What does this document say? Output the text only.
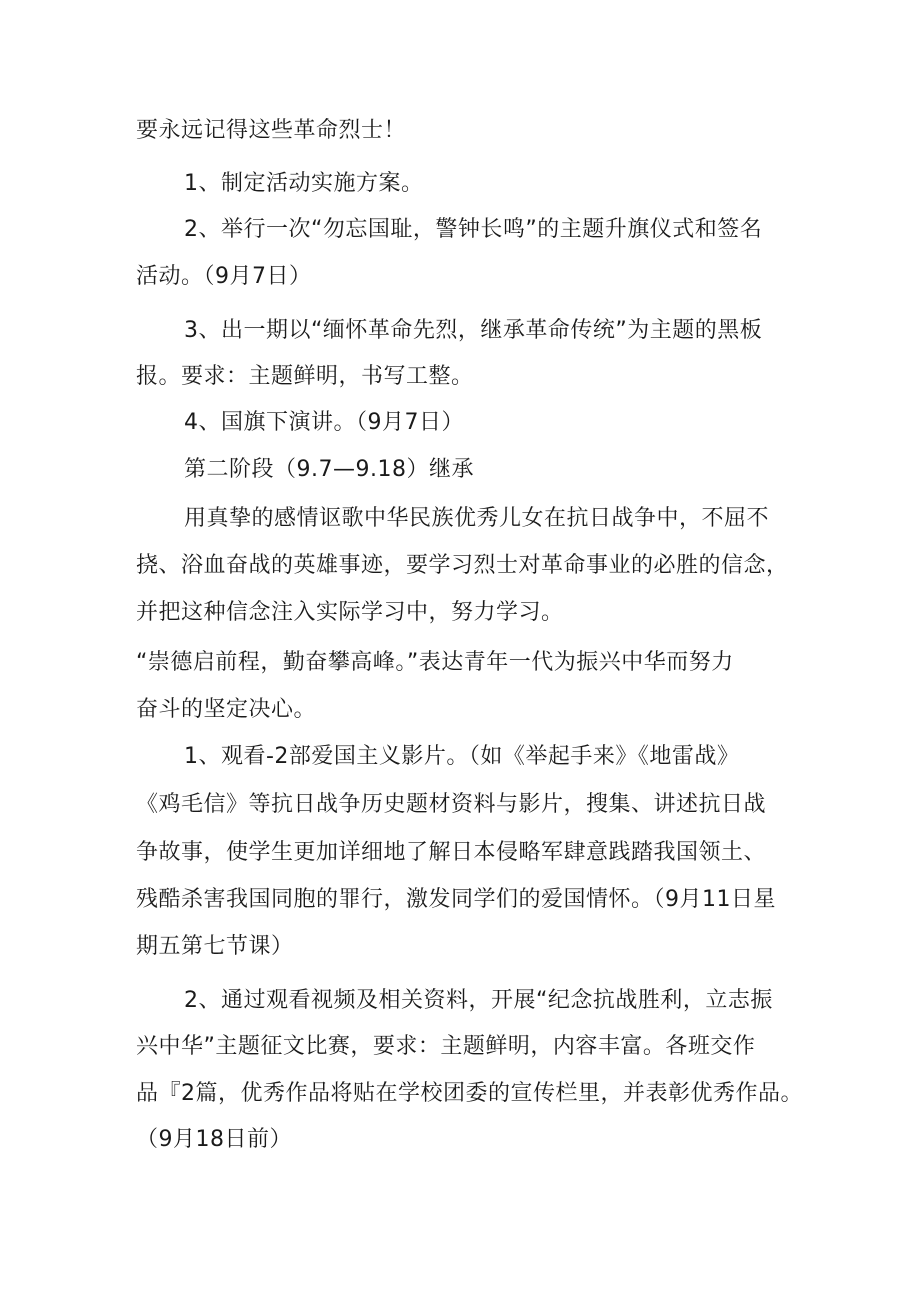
要永远记得这些革命烈士！
1、制定活动实施方案。
2、举行一次“勿忘国耻，警钟长鸣”的主题升旗仪式和签名
活动。（9月7日）
3、出一期以“缅怀革命先烈，继承革命传统”为主题的黑板
报。要求：主题鲜明，书写工整。
4、国旗下演讲。（9月7日）
第二阶段（9.7—9.18）继承
用真挚的感情讴歌中华民族优秀儿女在抗日战争中，不屈不
挠、浴血奋战的英雄事迹，要学习烈士对革命事业的必胜的信念，
并把这种信念注入实际学习中，努力学习。
“崇德启前程，勤奋攀高峰。”表达青年一代为振兴中华而努力
奋斗的坚定决心。
1、观看-2部爱国主义影片。（如《举起手来》《地雷战》
《鸡毛信》等抗日战争历史题材资料与影片，搜集、讲述抗日战
争故事，使学生更加详细地了解日本侵略军肆意践踏我国领土、
残酷杀害我国同胞的罪行，激发同学们的爱国情怀。（9月11日星
期五第七节课）
2、通过观看视频及相关资料，开展“纪念抗战胜利，立志振
兴中华”主题征文比赛，要求：主题鲜明，内容丰富。各班交作
品『2篇，优秀作品将贴在学校团委的宣传栏里，并表彰优秀作品。
（9月18日前）
